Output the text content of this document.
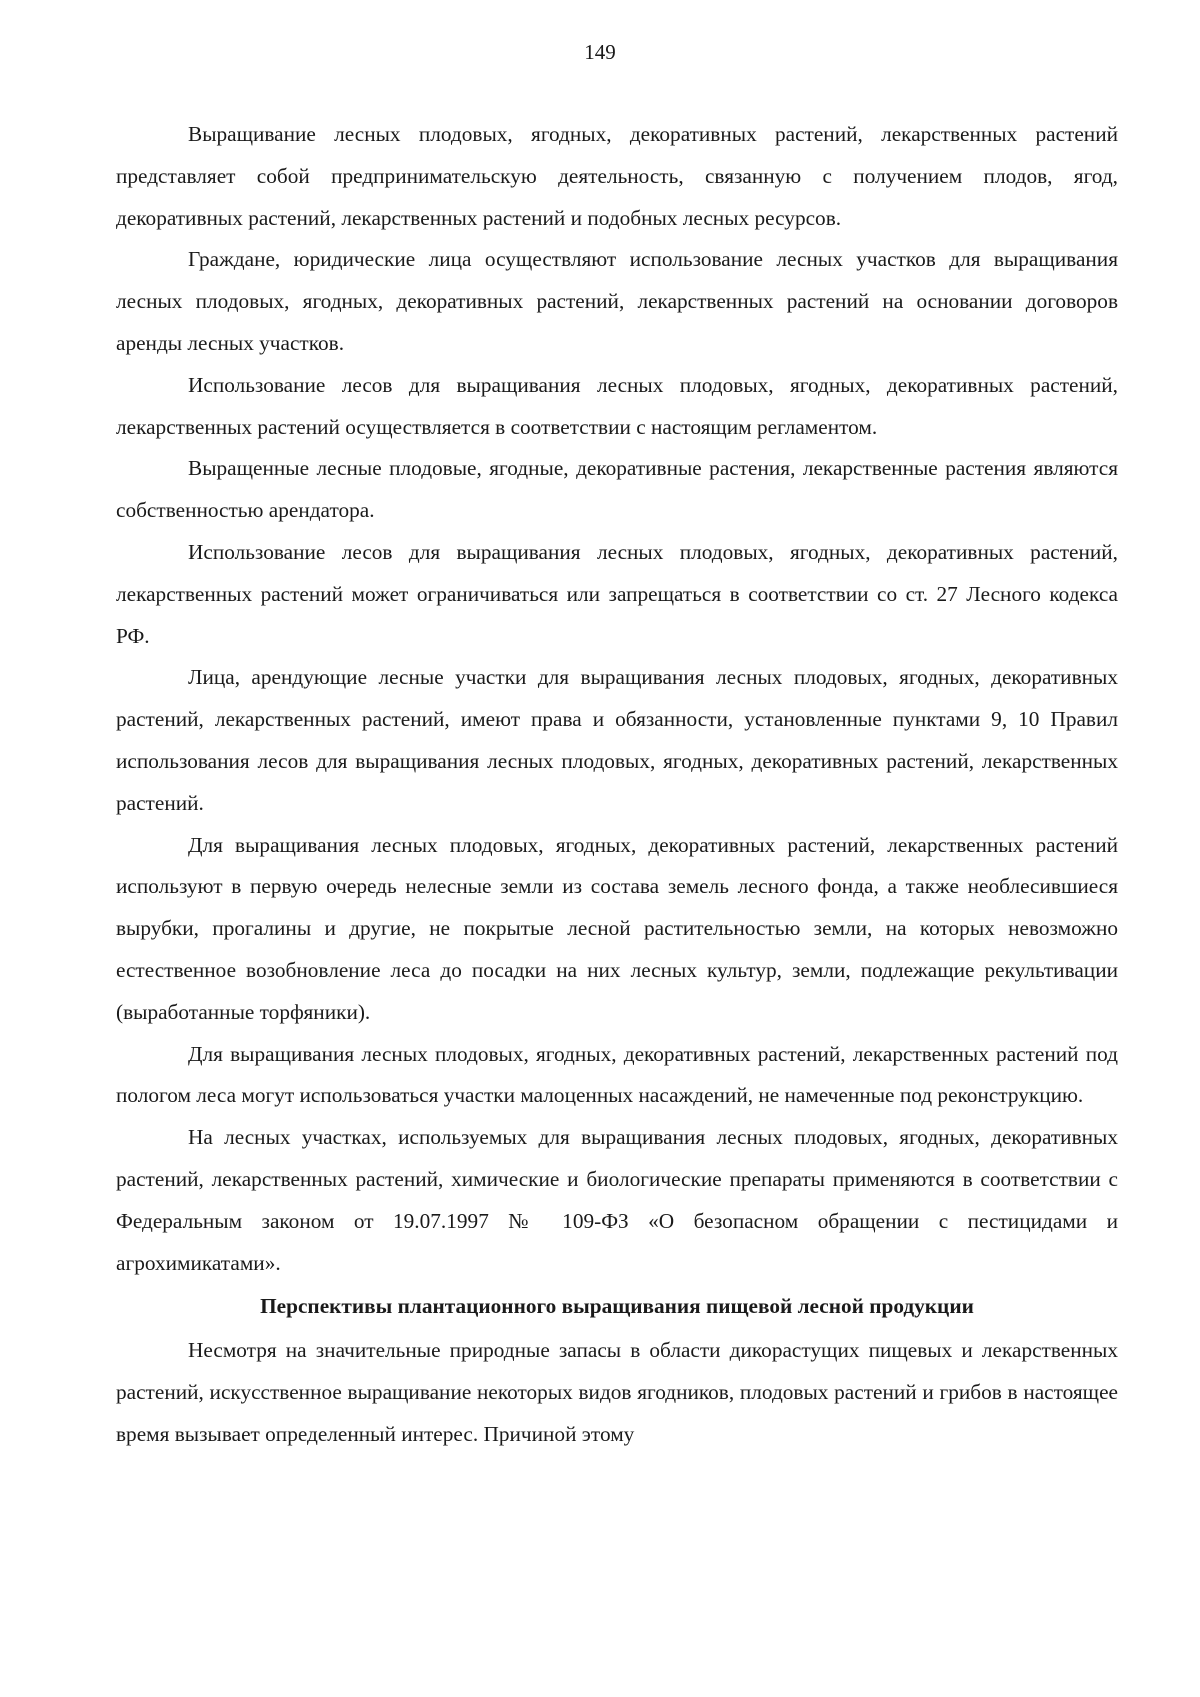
149

Выращивание лесных плодовых, ягодных, декоративных растений, лекарственных растений представляет собой предпринимательскую деятельность, связанную с получением плодов, ягод, декоративных растений, лекарственных растений и подобных лесных ресурсов.

Граждане, юридические лица осуществляют использование лесных участков для выращивания лесных плодовых, ягодных, декоративных растений, лекарственных растений на основании договоров аренды лесных участков.

Использование лесов для выращивания лесных плодовых, ягодных, декоративных растений, лекарственных растений осуществляется в соответствии с настоящим регламентом.

Выращенные лесные плодовые, ягодные, декоративные растения, лекарственные растения являются собственностью арендатора.

Использование лесов для выращивания лесных плодовых, ягодных, декоративных растений, лекарственных растений может ограничиваться или запрещаться в соответствии со ст. 27 Лесного кодекса РФ.

Лица, арендующие лесные участки для выращивания лесных плодовых, ягодных, декоративных растений, лекарственных растений, имеют права и обязанности, установленные пунктами 9, 10 Правил использования лесов для выращивания лесных плодовых, ягодных, декоративных растений, лекарственных растений.

Для выращивания лесных плодовых, ягодных, декоративных растений, лекарственных растений используют в первую очередь нелесные земли из состава земель лесного фонда, а также необлесившиеся вырубки, прогалины и другие, не покрытые лесной растительностью земли, на которых невозможно естественное возобновление леса до посадки на них лесных культур, земли, подлежащие рекультивации (выработанные торфяники).

Для выращивания лесных плодовых, ягодных, декоративных растений, лекарственных растений под пологом леса могут использоваться участки малоценных насаждений, не намеченные под реконструкцию.

На лесных участках, используемых для выращивания лесных плодовых, ягодных, декоративных растений, лекарственных растений, химические и биологические препараты применяются в соответствии с Федеральным законом от 19.07.1997 № 109-ФЗ «О безопасном обращении с пестицидами и агрохимикатами».

Перспективы плантационного выращивания пищевой лесной продукции

Несмотря на значительные природные запасы в области дикорастущих пищевых и лекарственных растений, искусственное выращивание некоторых видов ягодников, плодовых растений и грибов в настоящее время вызывает определенный интерес. Причиной этому
